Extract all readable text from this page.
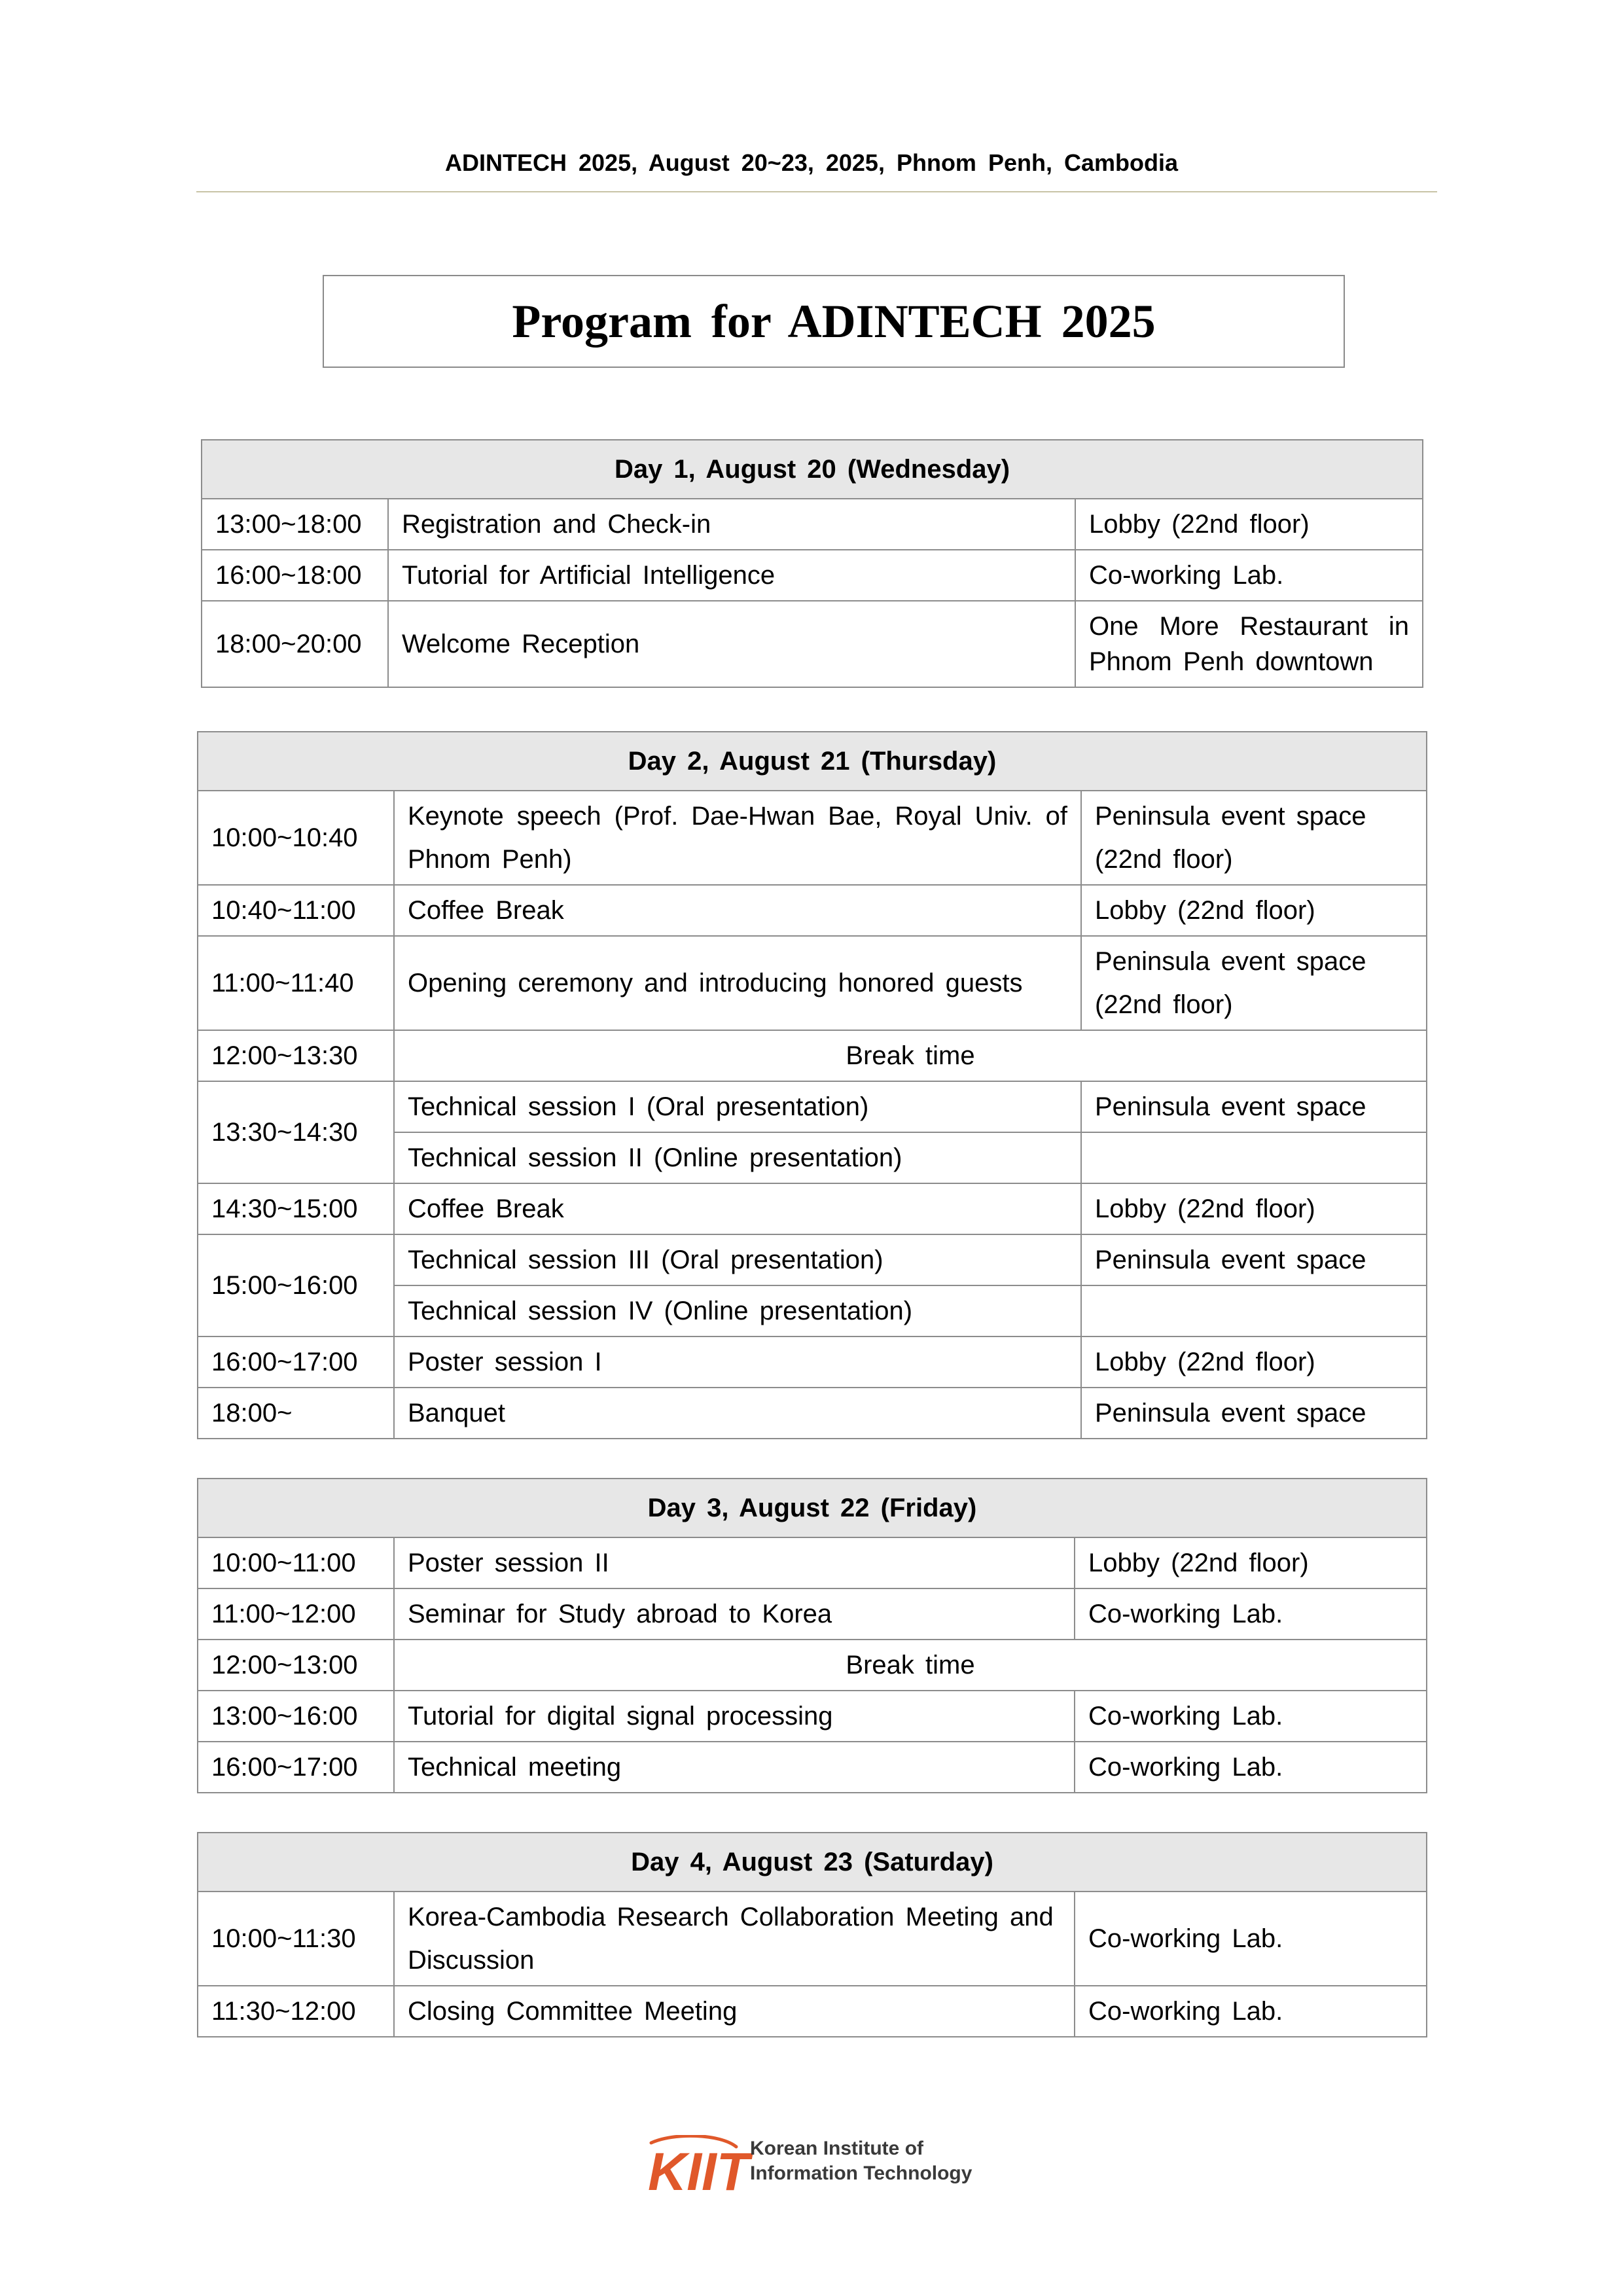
ADINTECH 2025, August 20~23, 2025, Phnom Penh, Cambodia
Program for ADINTECH 2025
Day 1, August 20 (Wednesday)		
13:00~18:00	Registration and Check-in	Lobby (22nd floor)
16:00~18:00	Tutorial for Artificial Intelligence	Co-working Lab.
18:00~20:00	Welcome Reception	One More Restaurant in Phnom Penh downtown
Day 2, August 21 (Thursday)		
10:00~10:40	Keynote speech (Prof. Dae-Hwan Bae, Royal Univ. of Phnom Penh)	Peninsula event space (22nd floor)
10:40~11:00	Coffee Break	Lobby (22nd floor)
11:00~11:40	Opening ceremony and introducing honored guests	Peninsula event space (22nd floor)
12:00~13:30	Break time	
13:30~14:30	Technical session I (Oral presentation)	Peninsula event space
	Technical session II (Online presentation)	
14:30~15:00	Coffee Break	Lobby (22nd floor)
15:00~16:00	Technical session III (Oral presentation)	Peninsula event space
	Technical session IV (Online presentation)	
16:00~17:00	Poster session I	Lobby (22nd floor)
18:00~	Banquet	Peninsula event space
Day 3, August 22 (Friday)		
10:00~11:00	Poster session II	Lobby (22nd floor)
11:00~12:00	Seminar for Study abroad to Korea	Co-working Lab.
12:00~13:00	Break time	
13:00~16:00	Tutorial for digital signal processing	Co-working Lab.
16:00~17:00	Technical meeting	Co-working Lab.
Day 4, August 23 (Saturday)		
10:00~11:30	Korea-Cambodia Research Collaboration Meeting and Discussion	Co-working Lab.
11:30~12:00	Closing Committee Meeting	Co-working Lab.
KIIT Korean Institute of
Information Technology
